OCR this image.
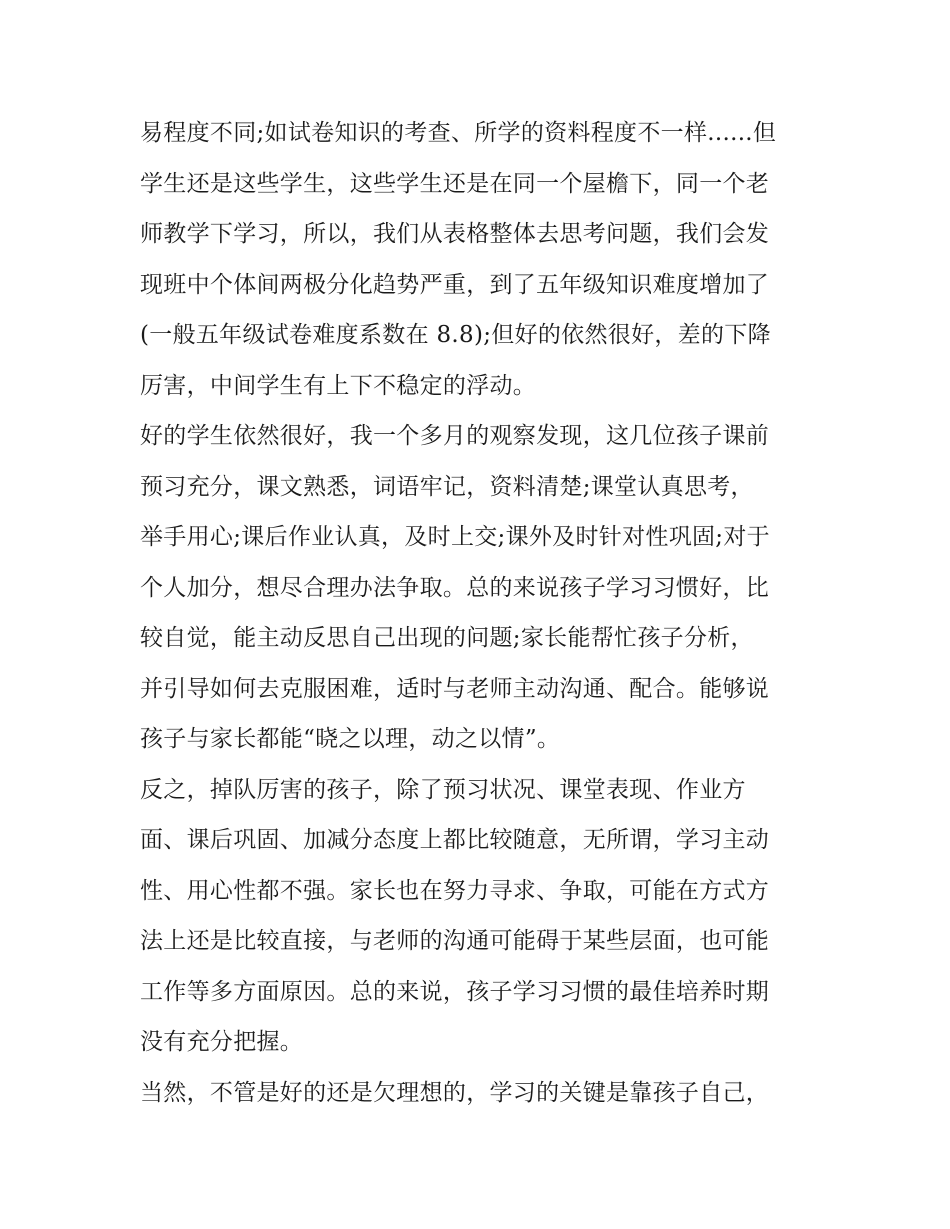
易程度不同;如试卷知识的考查、所学的资料程度不一样......但
学生还是这些学生，这些学生还是在同一个屋檐下，同一个老
师教学下学习，所以，我们从表格整体去思考问题，我们会发
现班中个体间两极分化趋势严重，到了五年级知识难度增加了
(一般五年级试卷难度系数在 8.8);但好的依然很好，差的下降
厉害，中间学生有上下不稳定的浮动。
好的学生依然很好，我一个多月的观察发现，这几位孩子课前
预习充分，课文熟悉，词语牢记，资料清楚;课堂认真思考，
举手用心;课后作业认真，及时上交;课外及时针对性巩固;对于
个人加分，想尽合理办法争取。总的来说孩子学习习惯好，比
较自觉，能主动反思自己出现的问题;家长能帮忙孩子分析，
并引导如何去克服困难，适时与老师主动沟通、配合。能够说
孩子与家长都能“晓之以理，动之以情”。
反之，掉队厉害的孩子，除了预习状况、课堂表现、作业方
面、课后巩固、加减分态度上都比较随意，无所谓，学习主动
性、用心性都不强。家长也在努力寻求、争取，可能在方式方
法上还是比较直接，与老师的沟通可能碍于某些层面，也可能
工作等多方面原因。总的来说，孩子学习习惯的最佳培养时期
没有充分把握。
当然，不管是好的还是欠理想的，学习的关键是靠孩子自己，
